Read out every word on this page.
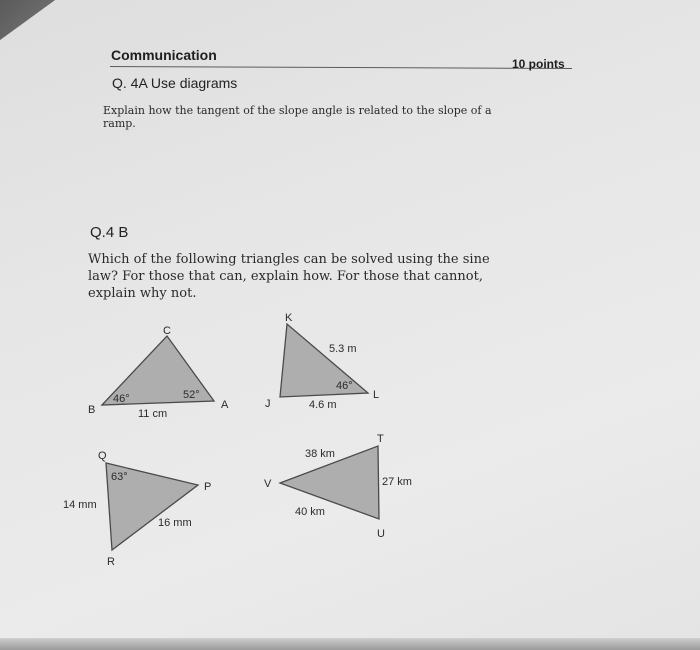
Communication
10 points
Q. 4A Use diagrams
Explain how the tangent of the slope angle is related to the slope of a ramp.
Q.4 B
Which of the following triangles can be solved using the sine law? For those that can, explain how. For those that cannot, explain why not.
B
C
A
46°	52°
11 cm
K
J
L
5.3 m
46°
4.6 m
Q
P
R
63°
14 mm
16 mm
T
V
U
38 km
27 km
40 km
